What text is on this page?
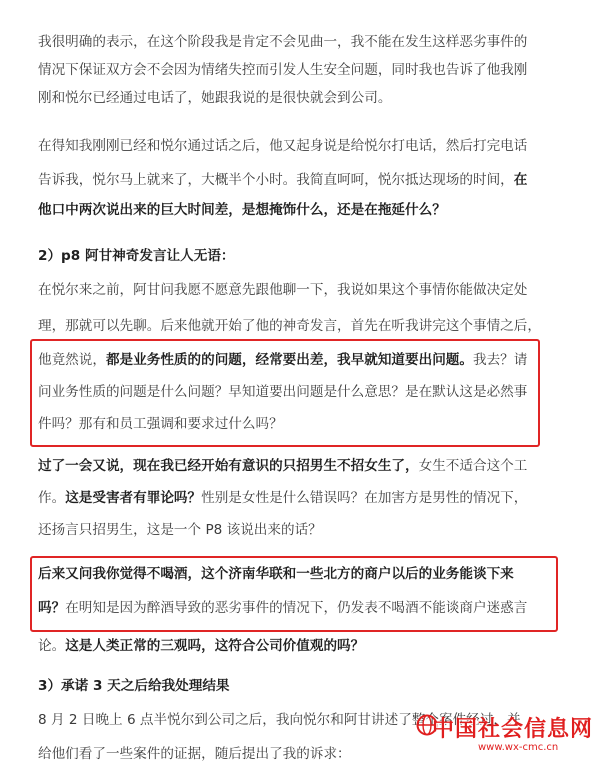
我很明确的表示，在这个阶段我是肯定不会见曲一，我不能在发生这样恶劣事件的
情况下保证双方会不会因为情绪失控而引发人生安全问题，同时我也告诉了他我刚
刚和悦尔已经通过电话了，她跟我说的是很快就会到公司。
在得知我刚刚已经和悦尔通过话之后，他又起身说是给悦尔打电话，然后打完电话
告诉我，悦尔马上就来了，大概半个小时。我简直呵呵，悦尔抵达现场的时间，在
他口中两次说出来的巨大时间差，是想掩饰什么，还是在拖延什么？
2）p8 阿甘神奇发言让人无语：
在悦尔来之前，阿甘问我愿不愿意先跟他聊一下，我说如果这个事情你能做决定处
理，那就可以先聊。后来他就开始了他的神奇发言，首先在听我讲完这个事情之后，
他竟然说，都是业务性质的的问题，经常要出差，我早就知道要出问题。我去？请
问业务性质的问题是什么问题？早知道要出问题是什么意思？是在默认这是必然事
件吗？那有和员工强调和要求过什么吗？
过了一会又说，现在我已经开始有意识的只招男生不招女生了，女生不适合这个工
作。这是受害者有罪论吗？性别是女性是什么错误吗？在加害方是男性的情况下，
还扬言只招男生，这是一个 P8 该说出来的话？
后来又问我你觉得不喝酒，这个济南华联和一些北方的商户以后的业务能谈下来
吗？在明知是因为醉酒导致的恶劣事件的情况下，仍发表不喝酒不能谈商户迷惑言
论。这是人类正常的三观吗，这符合公司价值观的吗？
3）承诺 3 天之后给我处理结果
8 月 2 日晚上 6 点半悦尔到公司之后，我向悦尔和阿甘讲述了整个案件经过，并
给他们看了一些案件的证据，随后提出了我的诉求：
中国社会信息网
www.wx-cmc.cn
